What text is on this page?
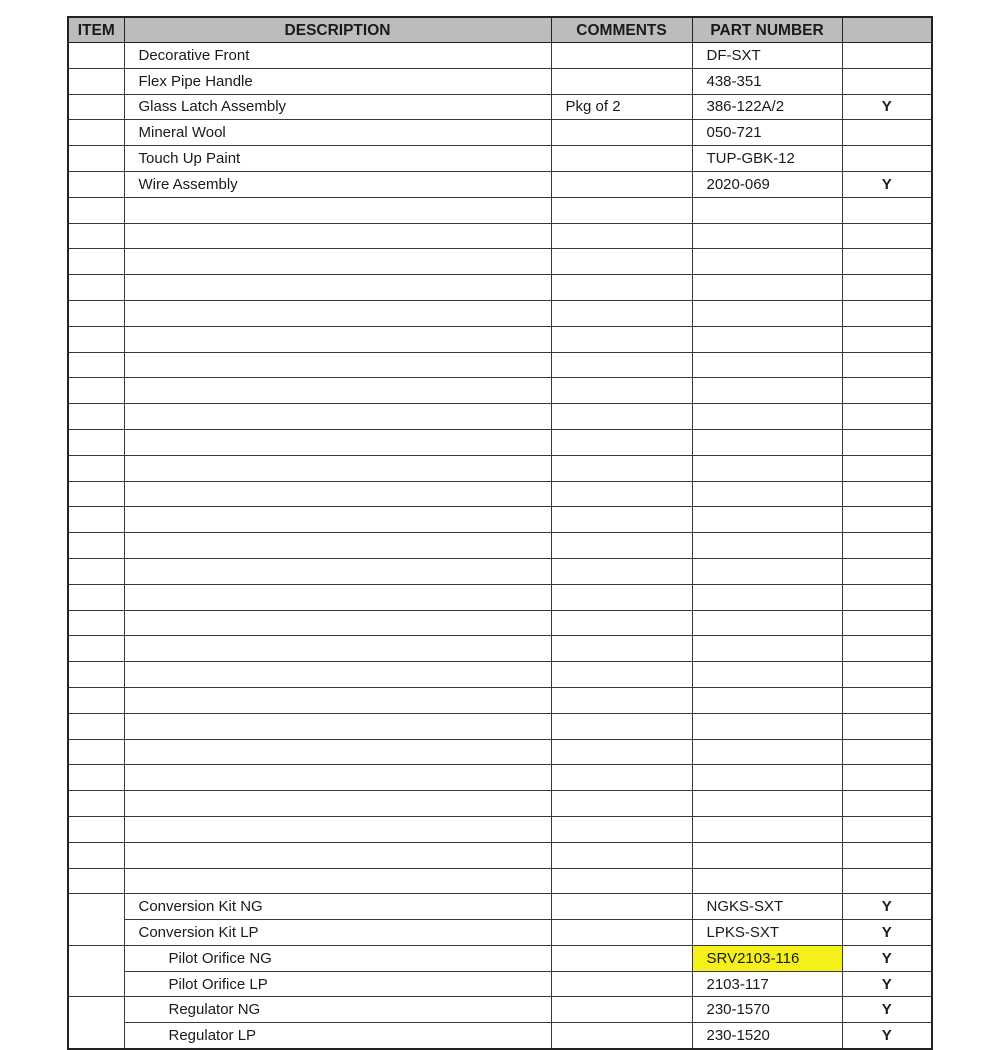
ITEM	DESCRIPTION	COMMENTS	PART NUMBER	
	Decorative Front		DF-SXT	
	Flex Pipe Handle		438-351	
	Glass Latch Assembly	Pkg of 2	386-122A/2	Y
	Mineral Wool		050-721	
	Touch Up Paint		TUP-GBK-12	
	Wire Assembly		2020-069	Y

	Conversion Kit NG		NGKS-SXT	Y
	Conversion Kit LP		LPKS-SXT	Y
	Pilot Orifice NG		SRV2103-116	Y
	Pilot Orifice LP		2103-117	Y
	Regulator NG		230-1570	Y
	Regulator LP		230-1520	Y
